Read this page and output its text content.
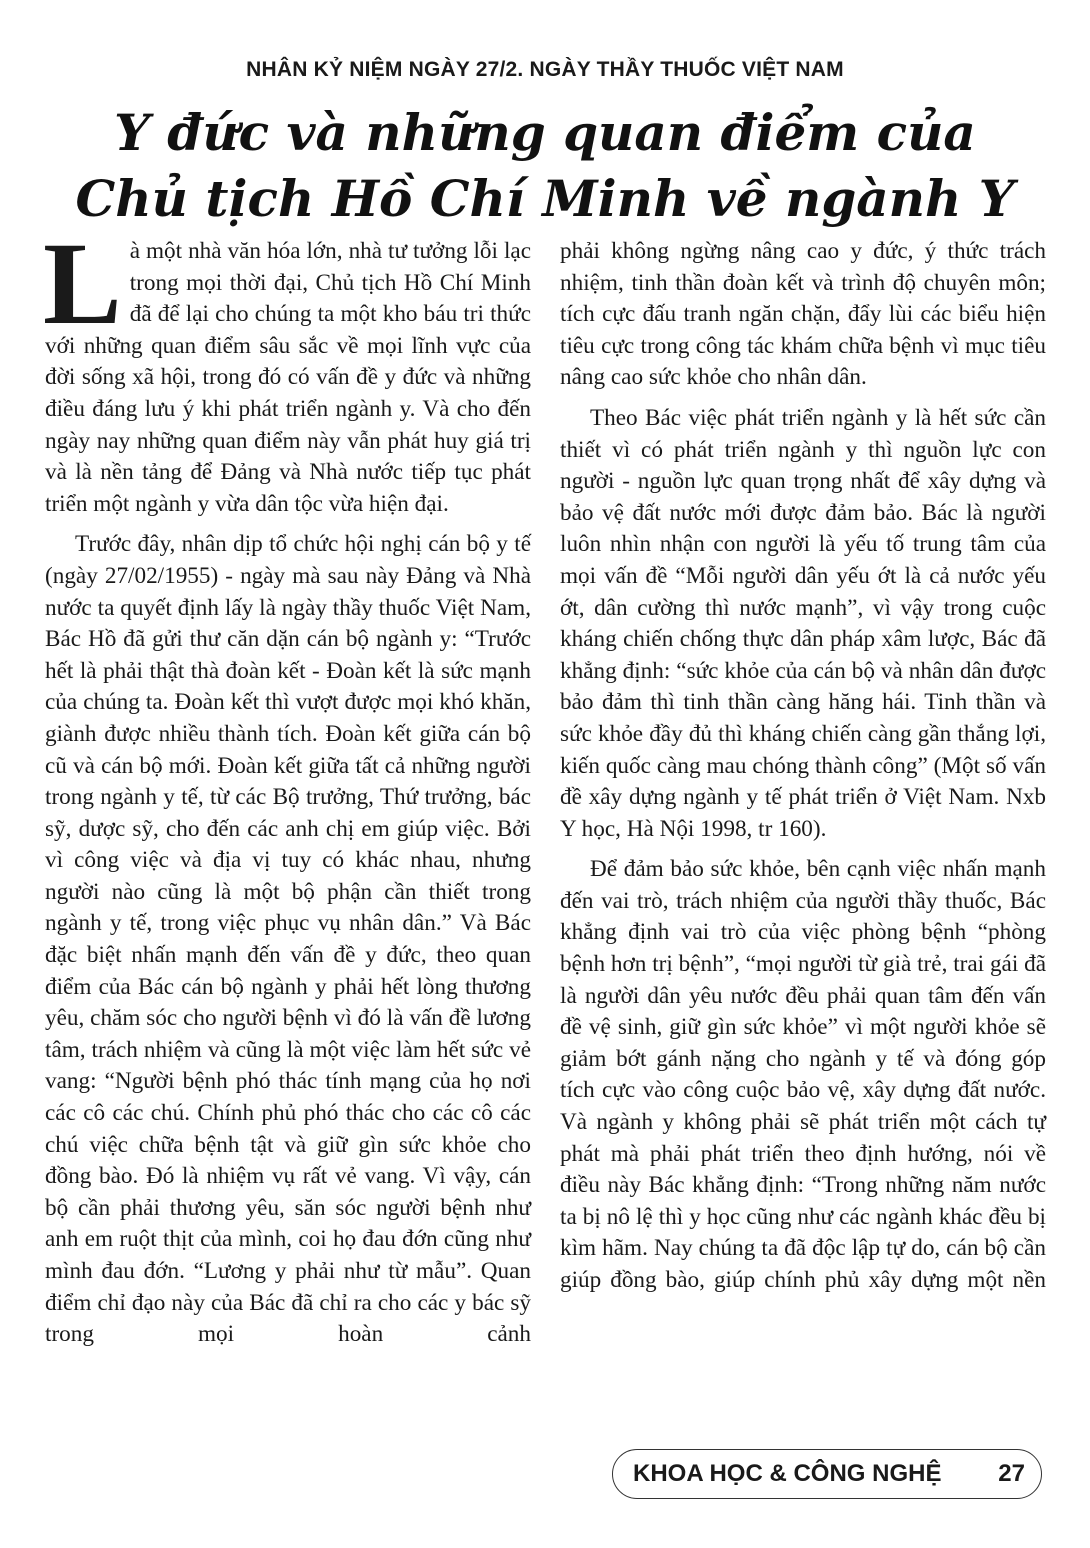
NHÂN KỶ NIỆM NGÀY 27/2. NGÀY THẦY THUỐC VIỆT NAM
Y đức và những quan điểm của
Chủ tịch Hồ Chí Minh về ngành Y

Là một nhà văn hóa lớn, nhà tư tưởng lỗi lạc trong mọi thời đại, Chủ tịch Hồ Chí Minh đã để lại cho chúng ta một kho báu tri thức với những quan điểm sâu sắc về mọi lĩnh vực của đời sống xã hội, trong đó có vấn đề y đức và những điều đáng lưu ý khi phát triển ngành y. Và cho đến ngày nay những quan điểm này vẫn phát huy giá trị và là nền tảng để Đảng và Nhà nước tiếp tục phát triển một ngành y vừa dân tộc vừa hiện đại.

Trước đây, nhân dịp tổ chức hội nghị cán bộ y tế (ngày 27/02/1955) - ngày mà sau này Đảng và Nhà nước ta quyết định lấy là ngày thầy thuốc Việt Nam, Bác Hồ đã gửi thư căn dặn cán bộ ngành y: “Trước hết là phải thật thà đoàn kết - Đoàn kết là sức mạnh của chúng ta. Đoàn kết thì vượt được mọi khó khăn, giành được nhiều thành tích. Đoàn kết giữa cán bộ cũ và cán bộ mới. Đoàn kết giữa tất cả những người trong ngành y tế, từ các Bộ trưởng, Thứ trưởng, bác sỹ, dược sỹ, cho đến các anh chị em giúp việc. Bởi vì công việc và địa vị tuy có khác nhau, nhưng người nào cũng là một bộ phận cần thiết trong ngành y tế, trong việc phục vụ nhân dân.” Và Bác đặc biệt nhấn mạnh đến vấn đề y đức, theo quan điểm của Bác cán bộ ngành y phải hết lòng thương yêu, chăm sóc cho người bệnh vì đó là vấn đề lương tâm, trách nhiệm và cũng là một việc làm hết sức vẻ vang: “Người bệnh phó thác tính mạng của họ nơi các cô các chú. Chính phủ phó thác cho các cô các chú việc chữa bệnh tật và giữ gìn sức khỏe cho đồng bào. Đó là nhiệm vụ rất vẻ vang. Vì vậy, cán bộ cần phải thương yêu, săn sóc người bệnh như anh em ruột thịt của mình, coi họ đau đớn cũng như mình đau đớn. “Lương y phải như từ mẫu”. Quan điểm chỉ đạo này của Bác đã chỉ ra cho các y bác sỹ trong mọi hoàn cảnh

phải không ngừng nâng cao y đức, ý thức trách nhiệm, tinh thần đoàn kết và trình độ chuyên môn; tích cực đấu tranh ngăn chặn, đẩy lùi các biểu hiện tiêu cực trong công tác khám chữa bệnh vì mục tiêu nâng cao sức khỏe cho nhân dân.

Theo Bác việc phát triển ngành y là hết sức cần thiết vì có phát triển ngành y thì nguồn lực con người - nguồn lực quan trọng nhất để xây dựng và bảo vệ đất nước mới được đảm bảo. Bác là người luôn nhìn nhận con người là yếu tố trung tâm của mọi vấn đề “Mỗi người dân yếu ớt là cả nước yếu ớt, dân cường thì nước mạnh”, vì vậy trong cuộc kháng chiến chống thực dân pháp xâm lược, Bác đã khẳng định: “sức khỏe của cán bộ và nhân dân được bảo đảm thì tinh thần càng hăng hái. Tinh thần và sức khỏe đầy đủ thì kháng chiến càng gần thắng lợi, kiến quốc càng mau chóng thành công” (Một số vấn đề xây dựng ngành y tế phát triển ở Việt Nam. Nxb Y học, Hà Nội 1998, tr 160).

Để đảm bảo sức khỏe, bên cạnh việc nhấn mạnh đến vai trò, trách nhiệm của người thầy thuốc, Bác khẳng định vai trò của việc phòng bệnh “phòng bệnh hơn trị bệnh”, “mọi người từ già trẻ, trai gái đã là người dân yêu nước đều phải quan tâm đến vấn đề vệ sinh, giữ gìn sức khỏe” vì một người khỏe sẽ giảm bớt gánh nặng cho ngành y tế và đóng góp tích cực vào công cuộc bảo vệ, xây dựng đất nước. Và ngành y không phải sẽ phát triển một cách tự phát mà phải phát triển theo định hướng, nói về điều này Bác khẳng định: “Trong những năm nước ta bị nô lệ thì y học cũng như các ngành khác đều bị kìm hãm. Nay chúng ta đã độc lập tự do, cán bộ cần giúp đồng bào, giúp chính phủ xây dựng một nền

KHOA HỌC & CÔNG NGHỆ 27
